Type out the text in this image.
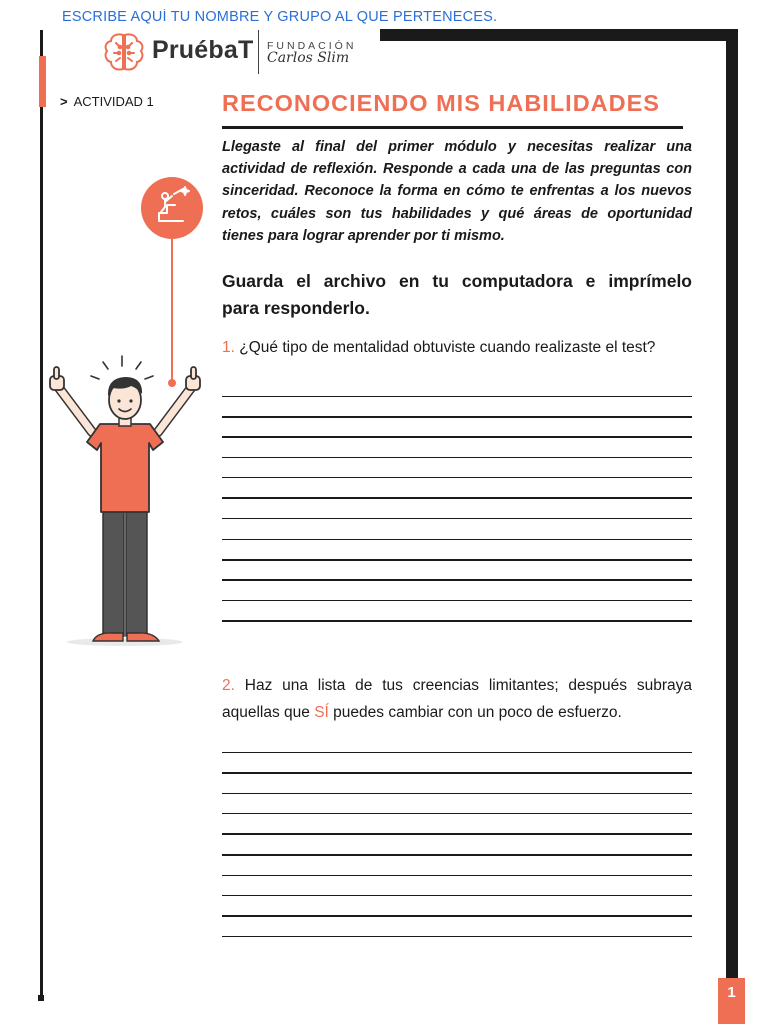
ESCRIBE AQUÍ TU NOMBRE Y GRUPO AL QUE PERTENECES.
PruébaT FUNDACIÓN
Carlos Slim
> ACTIVIDAD 1	RECONOCIENDO MIS HABILIDADES
Llegaste al final del primer módulo y necesitas realizar una
actividad de reflexión. Responde a cada una de las preguntas con
sinceridad. Reconoce la forma en cómo te enfrentas a los nuevos
retos, cuáles son tus habilidades y qué áreas de oportunidad
tienes para lograr aprender por ti mismo.
Guarda el archivo en tu computadora e imprímelo
para responderlo.
1. ¿Qué tipo de mentalidad obtuviste cuando realizaste el test?
2. Haz una lista de tus creencias limitantes; después subraya
aquellas que SÍ puedes cambiar con un poco de esfuerzo.
1
